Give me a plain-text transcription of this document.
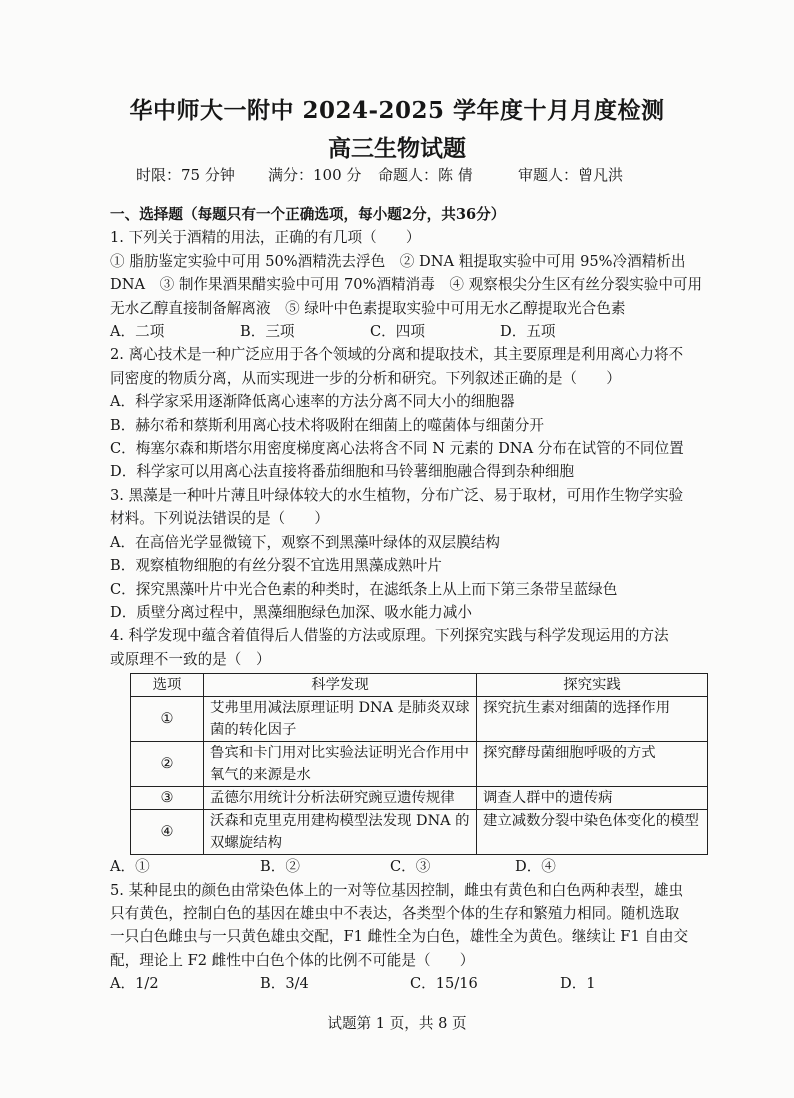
华中师大一附中 2024-2025 学年度十月月度检测
高三生物试题
时限：75 分钟 满分：100 分 命题人：陈 倩	审题人：曾凡洪

一、选择题（每题只有一个正确选项，每小题2分，共36分）

1. 下列关于酒精的用法，正确的有几项（　　）

① 脂肪鉴定实验中可用 50%酒精洗去浮色　② DNA 粗提取实验中可用 95%冷酒精析出

DNA　③ 制作果酒果醋实验中可用 70%酒精消毒　④ 观察根尖分生区有丝分裂实验中可用

无水乙醇直接制备解离液　⑤ 绿叶中色素提取实验中可用无水乙醇提取光合色素

A．二项	B．三项	C．四项	D．五项

2. 离心技术是一种广泛应用于各个领域的分离和提取技术，其主要原理是利用离心力将不

同密度的物质分离，从而实现进一步的分析和研究。下列叙述正确的是（　　）

A．科学家采用逐渐降低离心速率的方法分离不同大小的细胞器

B．赫尔希和蔡斯利用离心技术将吸附在细菌上的噬菌体与细菌分开

C．梅塞尔森和斯塔尔用密度梯度离心法将含不同 N 元素的 DNA 分布在试管的不同位置

D．科学家可以用离心法直接将番茄细胞和马铃薯细胞融合得到杂种细胞

3. 黑藻是一种叶片薄且叶绿体较大的水生植物，分布广泛、易于取材，可用作生物学实验

材料。下列说法错误的是（　　）

A．在高倍光学显微镜下，观察不到黑藻叶绿体的双层膜结构

B．观察植物细胞的有丝分裂不宜选用黑藻成熟叶片

C．探究黑藻叶片中光合色素的种类时，在滤纸条上从上而下第三条带呈蓝绿色

D．质壁分离过程中，黑藻细胞绿色加深、吸水能力减小

4. 科学发现中蕴含着值得后人借鉴的方法或原理。下列探究实践与科学发现运用的方法

或原理不一致的是（　）

选项	科学发现	探究实践
①	艾弗里用减法原理证明 DNA 是肺炎双球菌的转化因子	探究抗生素对细菌的选择作用
②	鲁宾和卡门用对比实验法证明光合作用中氧气的来源是水	探究酵母菌细胞呼吸的方式
③	孟德尔用统计分析法研究豌豆遗传规律	调查人群中的遗传病
④	沃森和克里克用建构模型法发现 DNA 的双螺旋结构	建立减数分裂中染色体变化的模型
A．①	B．②	C．③	D．④

5. 某种昆虫的颜色由常染色体上的一对等位基因控制，雌虫有黄色和白色两种表型，雄虫

只有黄色，控制白色的基因在雄虫中不表达，各类型个体的生存和繁殖力相同。随机选取

一只白色雌虫与一只黄色雄虫交配，F1 雌性全为白色，雄性全为黄色。继续让 F1 自由交

配，理论上 F2 雌性中白色个体的比例不可能是（　　）

A．1/2	B．3/4	C．15/16	D．1
试题第 1 页，共 8 页
